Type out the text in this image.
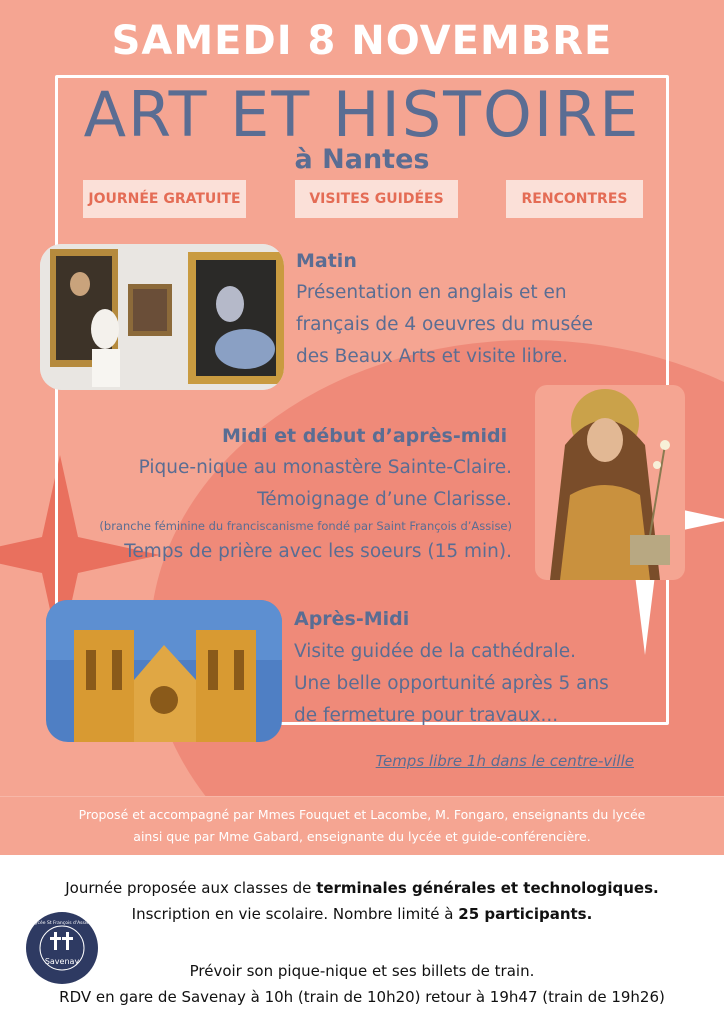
SAMEDI 8 NOVEMBRE
ART ET HISTOIRE
à Nantes
JOURNÉE GRATUITE	VISITES GUIDÉES	RENCONTRES
Matin
Présentation en anglais et en
français de 4 oeuvres du musée
des Beaux Arts et visite libre.
Midi et début d’après-midi
Pique-nique au monastère Sainte-Claire.
Témoignage d’une Clarisse.
(branche féminine du franciscanisme fondé par Saint François d’Assise)
Temps de prière avec les soeurs (15 min).
Après-Midi
Visite guidée de la cathédrale.
Une belle opportunité après 5 ans
de fermeture pour travaux...
Temps libre 1h dans le centre-ville
Proposé et accompagné par Mmes Fouquet et Lacombe, M. Fongaro, enseignants du lycée
ainsi que par Mme Gabard, enseignante du lycée et guide-conférencière.
Journée proposée aux classes de terminales générales et technologiques.
Inscription en vie scolaire. Nombre limité à 25 participants.
Savenay
Lycée St François d'Assise
Prévoir son pique-nique et ses billets de train.
RDV en gare de Savenay à 10h (train de 10h20) retour à 19h47 (train de 19h26)
